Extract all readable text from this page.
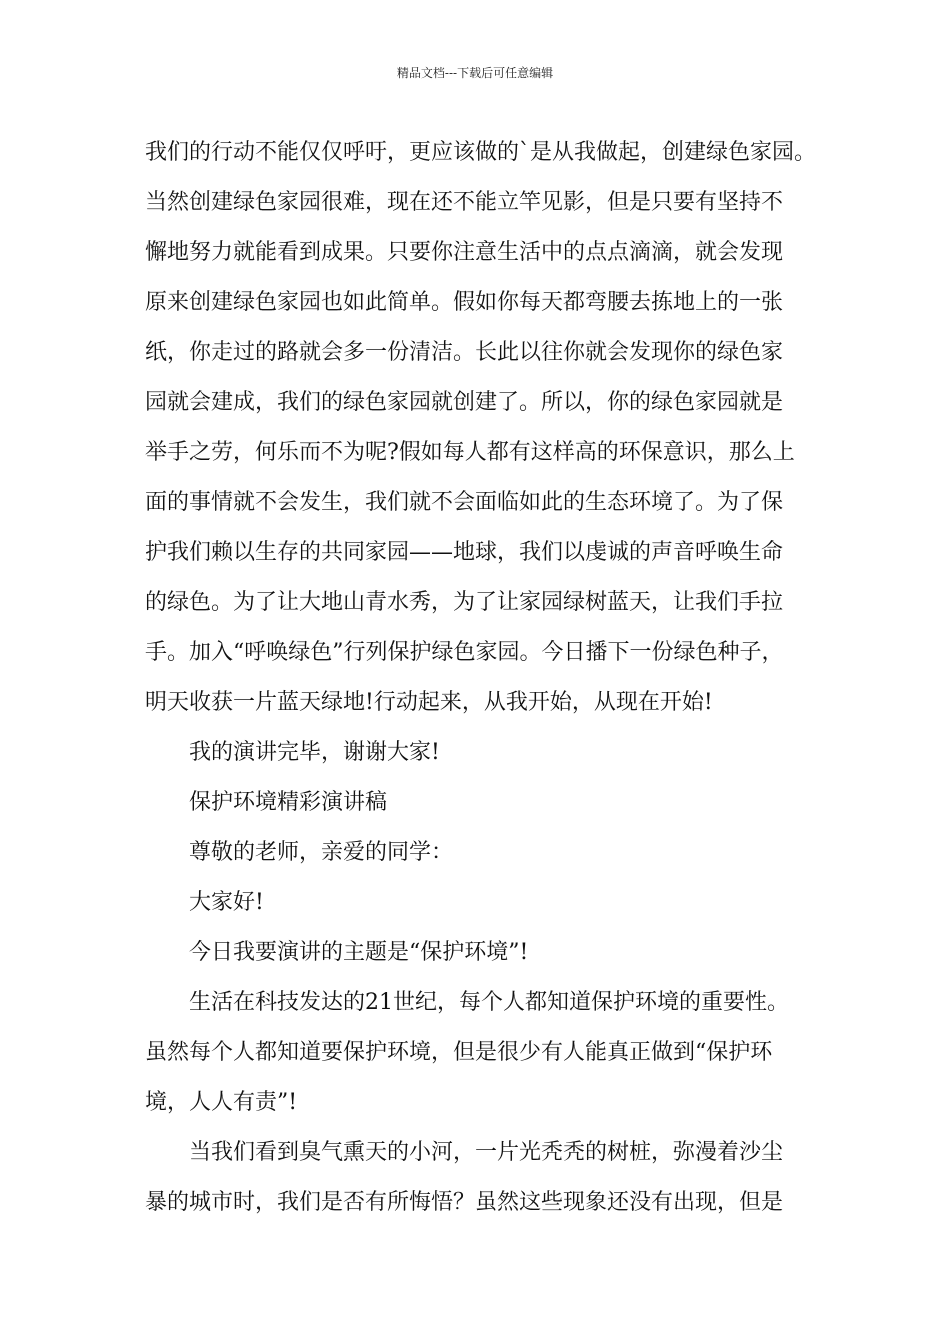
精品文档---下载后可任意编辑
我们的行动不能仅仅呼吁，更应该做的`是从我做起，创建绿色家园。
当然创建绿色家园很难，现在还不能立竿见影，但是只要有坚持不
懈地努力就能看到成果。只要你注意生活中的点点滴滴，就会发现
原来创建绿色家园也如此简单。假如你每天都弯腰去拣地上的一张
纸，你走过的路就会多一份清洁。长此以往你就会发现你的绿色家
园就会建成，我们的绿色家园就创建了。所以，你的绿色家园就是
举手之劳，何乐而不为呢?假如每人都有这样高的环保意识，那么上
面的事情就不会发生，我们就不会面临如此的生态环境了。为了保
护我们赖以生存的共同家园——地球，我们以虔诚的声音呼唤生命
的绿色。为了让大地山青水秀，为了让家园绿树蓝天，让我们手拉
手。加入“呼唤绿色”行列保护绿色家园。今日播下一份绿色种子，
明天收获一片蓝天绿地!行动起来，从我开始，从现在开始!
我的演讲完毕，谢谢大家!
保护环境精彩演讲稿
尊敬的老师，亲爱的同学：
大家好!
今日我要演讲的主题是“保护环境”!
生活在科技发达的21世纪，每个人都知道保护环境的重要性。
虽然每个人都知道要保护环境，但是很少有人能真正做到“保护环
境，人人有责”!
当我们看到臭气熏天的小河，一片光秃秃的树桩，弥漫着沙尘
暴的城市时，我们是否有所悔悟？虽然这些现象还没有出现，但是
